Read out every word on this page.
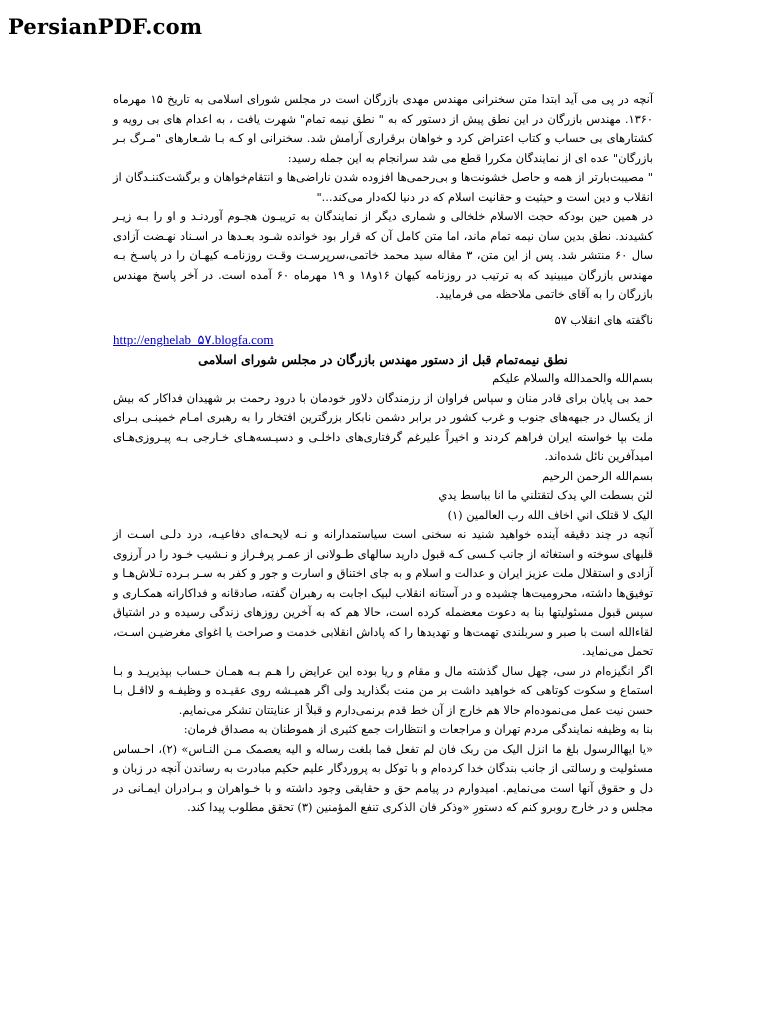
PersianPDF.com

آنچه در پی می آید ابتدا متن سخنرانی مهندس مهدی بازرگان است در مجلس شورای اسلامی به تاریخ ۱۵ مهرماه ۱۳۶۰. مهندس بازرگان در این نطق پیش از دستور که به " نطق نیمه تمام" شهرت یافت ، به اعدام های بی رویه و کشتارهای بی حساب و کتاب اعتراض کرد و خواهان برقراری آرامش شد. سخنرانی او کـه بـا شـعارهای "مـرگ بـر بازرگان" عده ای از نمایندگان مکررا قطع می شد سرانجام به این جمله رسید:

" مصیبت‌بارتر از همه و حاصل خشونت‌ها و بی‌رحمی‌ها افزوده شدن ناراضی‌ها و انتقام‌خواهان و برگشت‌کننـدگان از انقلاب و دین است و حیثیت و حقانیت اسلام که در دنیا لکه‌دار می‌کند..."

در همین حین بودکه حجت الاسلام خلخالی و شماری دیگر از نمایندگان به تریبـون هجـوم آوردنـد و او را بـه زیـر کشیدند. نطق بدین سان نیمه تمام ماند، اما متن کامل آن که قرار بود خوانده شـود بعـدها در اسـناد نهـضت آزادی سال ۶۰ منتشر شد. پس از این متن، ۳ مقاله سید محمد خاتمی،سرپرسـت وقـت روزنامـه کیهـان را در پاسـخ بـه مهندس بازرگان میبینید که به ترتیب در روزنامه کیهان ۱۶و۱۸ و ۱۹ مهرماه ۶۰ آمده است. در آخر پاسخ مهندس بازرگان را به آقای خاتمی ملاحظه می فرمایید.

ناگفته های انقلاب ۵۷

http://enghelab_۵۷.blogfa.com

نطق نیمه‌تمام قبل از دستور مهندس بازرگان در مجلس شورای اسلامی

بسم‌الله والحمدالله والسلام علیکم

حمد بی پایان برای قادر منان و سپاس فراوان از رزمندگان دلاور خودمان با درود رحمت بر شهیدان فداکار که بیش از یکسال در جبهه‌های جنوب و غرب کشور در برابر دشمن نابکار بزرگترین افتخار را به رهبری امـام خمینـی بـرای ملت بپا خواسته ایران فراهم کردند و اخیراً علیرغم گرفتاری‌های داخلـی و دسیـسه‌هـای خـارجی بـه پیـروزی‌هـای امیدآفرین نائل شده‌اند.

بسم‌الله الرحمن الرحیم

لئن بسطت الي يدک لتقتلني ما انا بباسط يدي

اليک لا قتلک اني اخاف الله رب العالمين (۱)

آنچه در چند دقیقه آینده خواهید شنید نه سخنی است سیاستمدارانه و نـه لایحـه‌ای دفاعیـه، درد دلـی اسـت از قلبهای سوخته و استغاثه از جانب کـسی کـه قبول دارید سالهای طـولانی از عمـر پرفـراز و نـشیب خـود را در آرزوی آزادی و استقلال ملت عزیز ایران و عدالت و اسلام و به جای اختناق و اسارت و جور و کفر به سـر بـرده تـلاش‌هـا و توفیق‌ها داشته، محرومیت‌ها چشیده و در آستانه انقلاب لبیک اجابت به رهبران گفته، صادقانه و فداکارانه همکـاری و سپس قبول مسئولیتها بنا به دعوت معضمله کرده است، حالا هم که به آخرین روزهای زندگی رسیده و در اشتیاق لقاءالله است با صبر و سربلندی تهمت‌ها و تهدیدها را که پاداش انقلابی خدمت و صراحت یا اغوای مغرضیـن اسـت، تحمل می‌نماید.

اگر انگیزه‌ام در سی، چهل سال گذشته مال و مقام و ریا بوده این عرایض را هـم بـه همـان حـساب بپذیریـد و بـا استماع و سکوت کوتاهی که خواهید داشت بر من منت بگذارید ولی اگر همیـشه روی عقیـده و وظیفـه و لااقـل بـا حسن نیت عمل می‌نموده‌ام حالا هم خارج از آن خط قدم برنمی‌دارم و قبلاً از عنایتتان تشکر می‌نمایم.

بنا به وظیفه نمایندگی مردم تهران و مراجعات و انتظارات جمع کثیری از هموطنان به مصداق فرمان:

«یا ایهاالرسول بلغ ما انزل الیک من ربک فان لم تفعل فما بلغت رساله و الیه یعصمک مـن النـاس» (۲)، احـساس مسئولیت و رسالتی از جانب بندگان خدا کرده‌ام و با توکل به پروردگار علیم حکیم مبادرت به رساندن آنچه در زبان و دل و حقوق آنها است می‌نمایم. امیدوارم در پیامم حق و حقایقی وجود داشته و با خـواهران و بـرادران ایمـانی در مجلس و در خارج روبرو کنم که دستورِ «وذکر فان الذکری تنفع المؤمنین (۳) تحقق مطلوب پیدا کند.
